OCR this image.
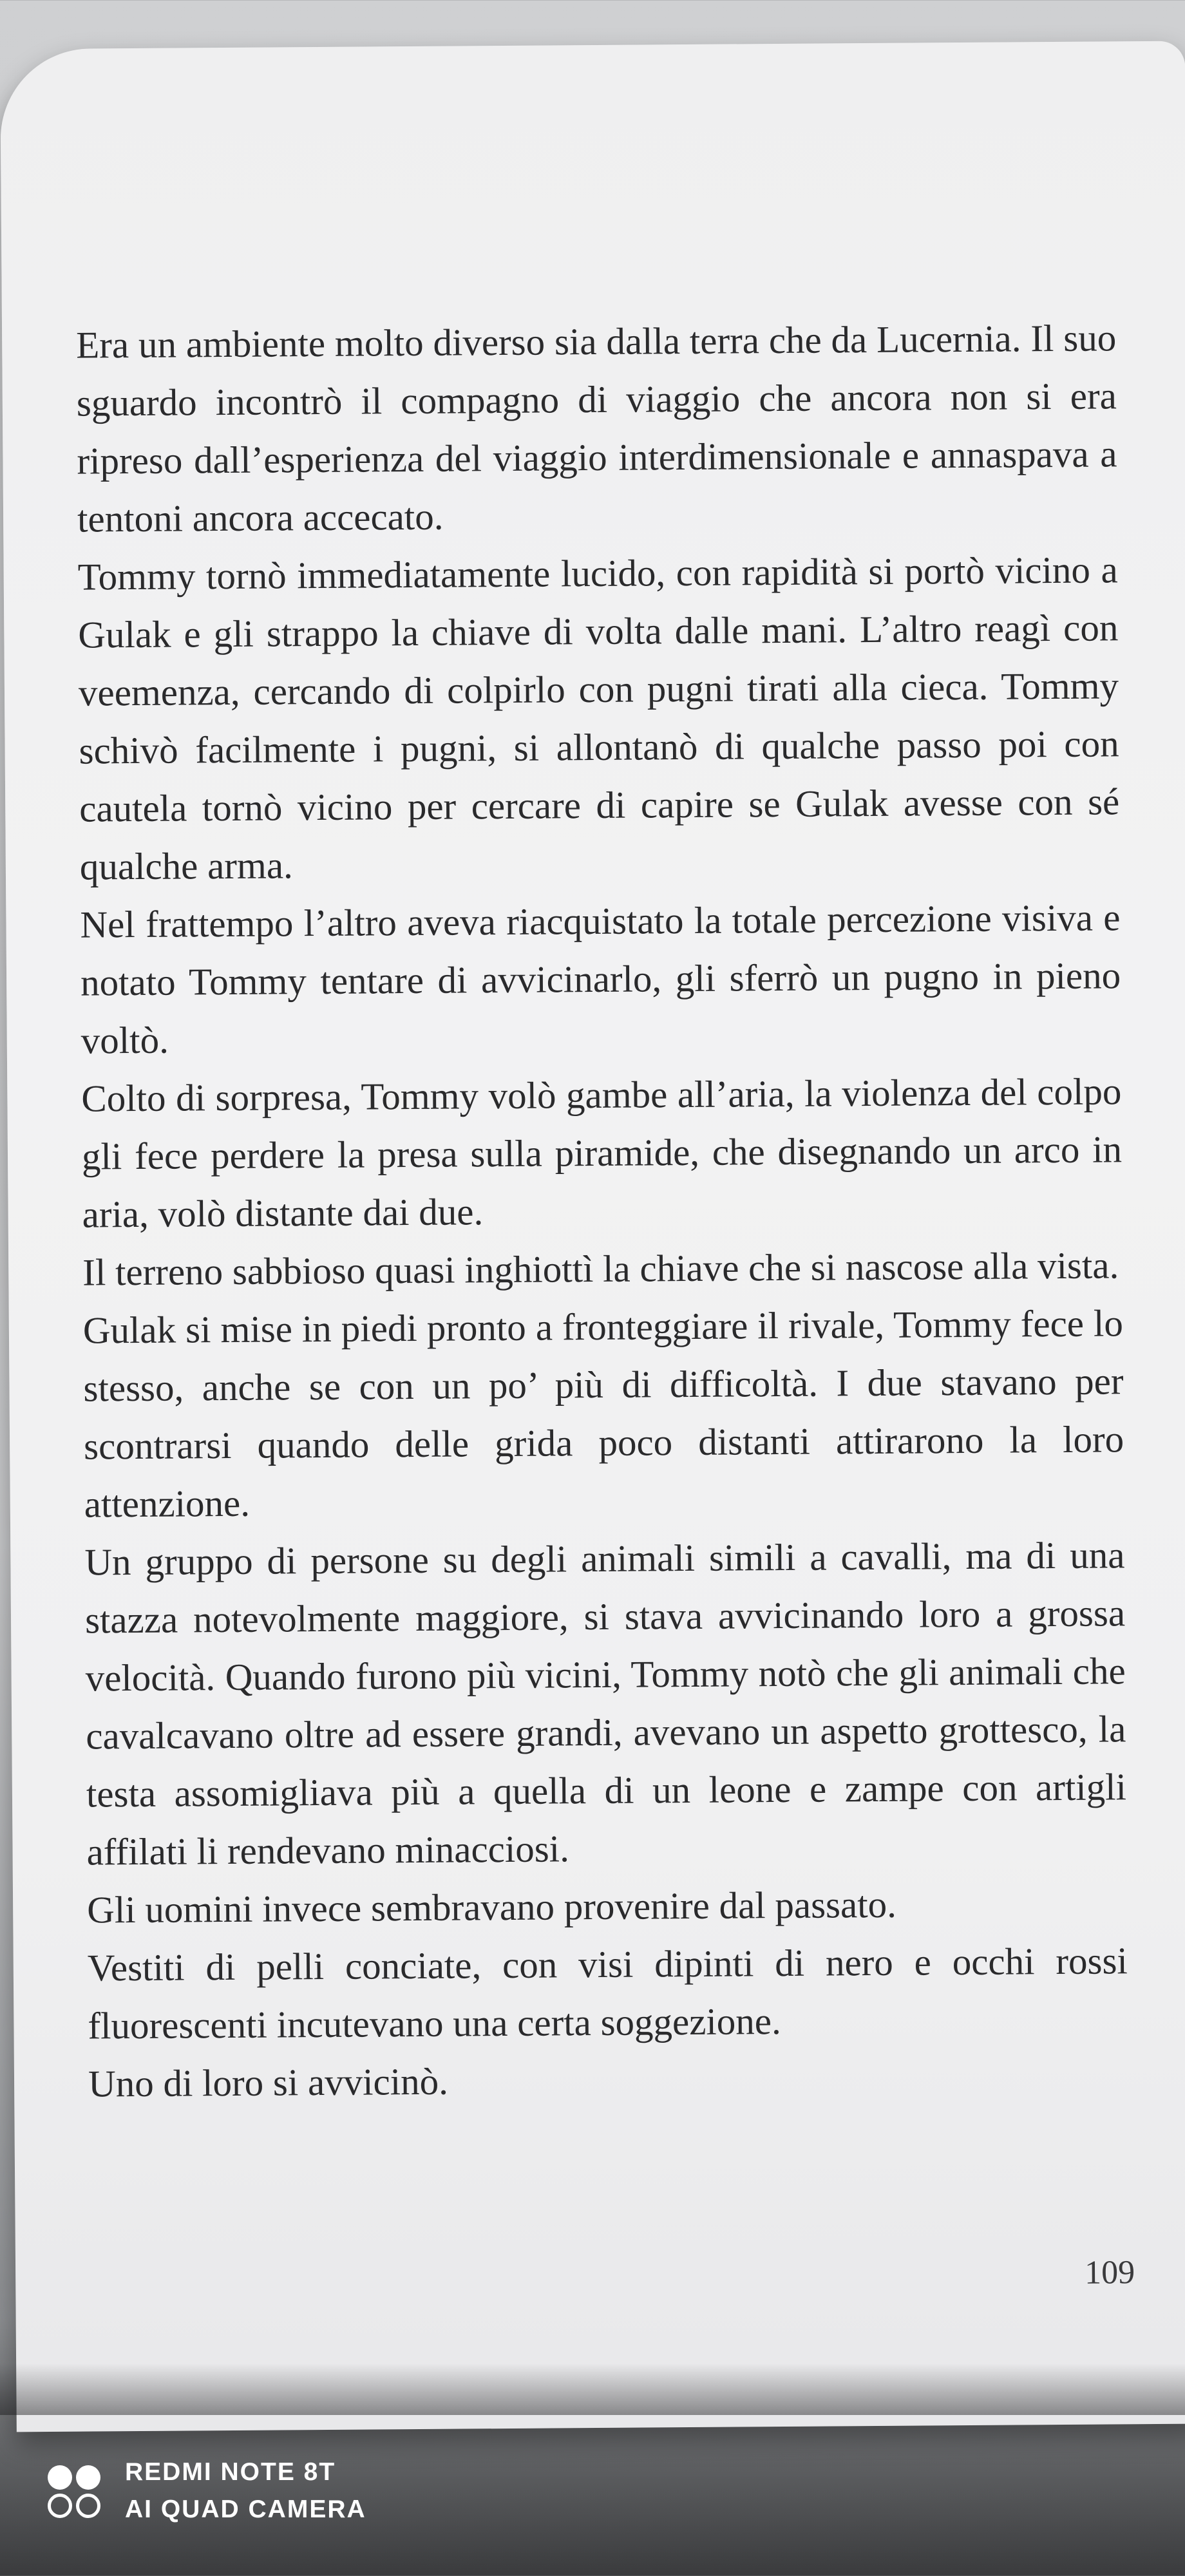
Era un ambiente molto diverso sia dalla terra che da Lucernia. Il suo sguardo incontrò il compagno di viaggio che ancora non si era ripreso dall’esperienza del viaggio interdimensionale e annaspava a tentoni ancora accecato.

Tommy tornò immediatamente lucido, con rapidità si portò vicino a Gulak e gli strappo la chiave di volta dalle mani. L’altro reagì con veemenza, cercando di colpirlo con pugni tirati alla cieca. Tommy schivò facilmente i pugni, si allontanò di qualche passo poi con cautela tornò vicino per cercare di capire se Gulak avesse con sé qualche arma.

Nel frattempo l’altro aveva riacquistato la totale percezione visiva e notato Tommy tentare di avvicinarlo, gli sferrò un pugno in pieno voltò.

Colto di sorpresa, Tommy volò gambe all’aria, la violenza del colpo gli fece perdere la presa sulla piramide, che disegnando un arco in aria, volò distante dai due.

Il terreno sabbioso quasi inghiottì la chiave che si nascose alla vista.

Gulak si mise in piedi pronto a fronteggiare il rivale, Tommy fece lo stesso, anche se con un po’ più di difficoltà. I due stavano per scontrarsi quando delle grida poco distanti attirarono la loro attenzione.

Un gruppo di persone su degli animali simili a cavalli, ma di una stazza notevolmente maggiore, si stava avvicinando loro a grossa velocità. Quando furono più vicini, Tommy notò che gli animali che cavalcavano oltre ad essere grandi, avevano un aspetto grottesco, la testa assomigliava più a quella di un leone e zampe con artigli affilati li rendevano minacciosi.

Gli uomini invece sembravano provenire dal passato.

Vestiti di pelli conciate, con visi dipinti di nero e occhi rossi fluorescenti incutevano una certa soggezione.

Uno di loro si avvicinò.

109
REDMI NOTE 8T
AI QUAD CAMERA
